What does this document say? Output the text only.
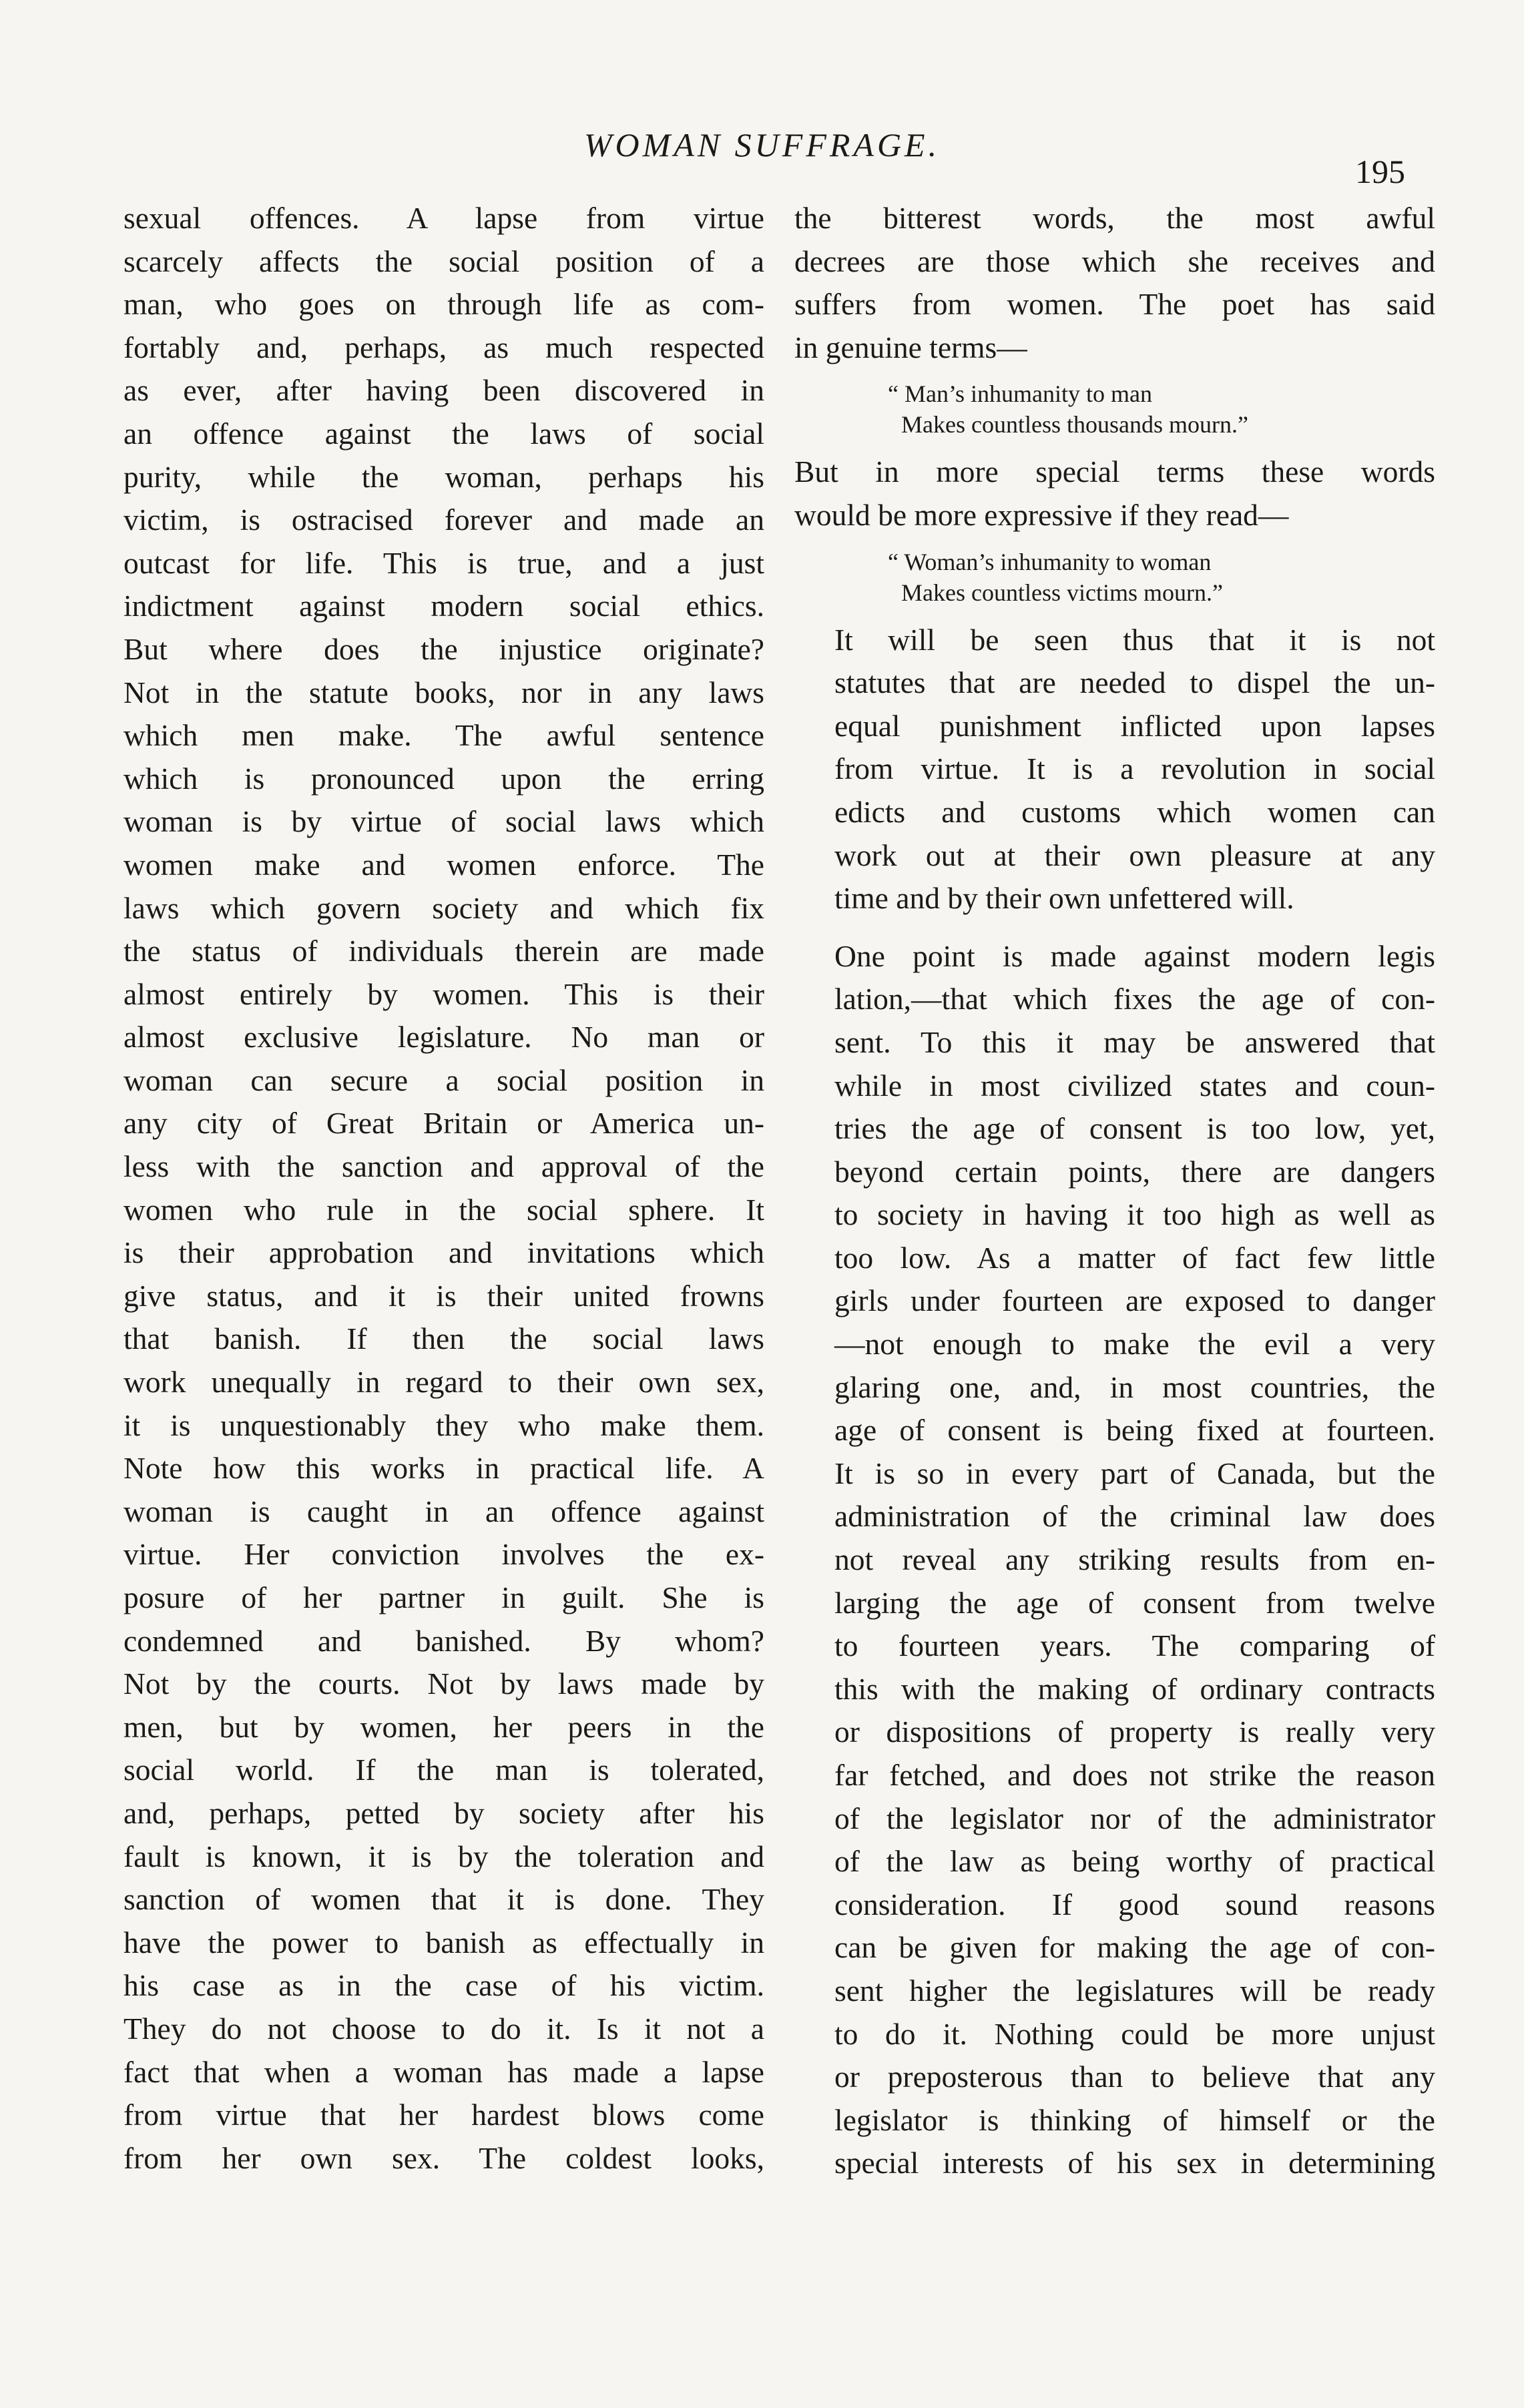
WOMAN SUFFRAGE.
195

sexual offences. A lapse from virtue
scarcely affects the social position of a
man, who goes on through life as com-
fortably and, perhaps, as much respected
as ever, after having been discovered in
an offence against the laws of social
purity, while the woman, perhaps his
victim, is ostracised forever and made an
outcast for life. This is true, and a just
indictment against modern social ethics.
But where does the injustice originate?
Not in the statute books, nor in any laws
which men make. The awful sentence
which is pronounced upon the erring
woman is by virtue of social laws which
women make and women enforce. The
laws which govern society and which fix
the status of individuals therein are made
almost entirely by women. This is their
almost exclusive legislature. No man or
woman can secure a social position in
any city of Great Britain or America un-
less with the sanction and approval of the
women who rule in the social sphere. It
is their approbation and invitations which
give status, and it is their united frowns
that banish. If then the social laws
work unequally in regard to their own sex,
it is unquestionably they who make them.
Note how this works in practical life. A
woman is caught in an offence against
virtue. Her conviction involves the ex-
posure of her partner in guilt. She is
condemned and banished. By whom?
Not by the courts. Not by laws made by
men, but by women, her peers in the
social world. If the man is tolerated,
and, perhaps, petted by society after his
fault is known, it is by the toleration and
sanction of women that it is done. They
have the power to banish as effectually in
his case as in the case of his victim.
They do not choose to do it. Is it not a
fact that when a woman has made a lapse
from virtue that her hardest blows come
from her own sex. The coldest looks,

the bitterest words, the most awful
decrees are those which she receives and
suffers from women. The poet has said
in genuine terms—

“ Man’s inhumanity to man
Makes countless thousands mourn.”

But in more special terms these words
would be more expressive if they read—

“ Woman’s inhumanity to woman
Makes countless victims mourn.”

It will be seen thus that it is not
statutes that are needed to dispel the un-
equal punishment inflicted upon lapses
from virtue. It is a revolution in social
edicts and customs which women can
work out at their own pleasure at any
time and by their own unfettered will.

One point is made against modern legis
lation,—that which fixes the age of con-
sent. To this it may be answered that
while in most civilized states and coun-
tries the age of consent is too low, yet,
beyond certain points, there are dangers
to society in having it too high as well as
too low. As a matter of fact few little
girls under fourteen are exposed to danger
—not enough to make the evil a very
glaring one, and, in most countries, the
age of consent is being fixed at fourteen.
It is so in every part of Canada, but the
administration of the criminal law does
not reveal any striking results from en-
larging the age of consent from twelve
to fourteen years. The comparing of
this with the making of ordinary contracts
or dispositions of property is really very
far fetched, and does not strike the reason
of the legislator nor of the administrator
of the law as being worthy of practical
consideration. If good sound reasons
can be given for making the age of con-
sent higher the legislatures will be ready
to do it. Nothing could be more unjust
or preposterous than to believe that any
legislator is thinking of himself or the
special interests of his sex in determining
